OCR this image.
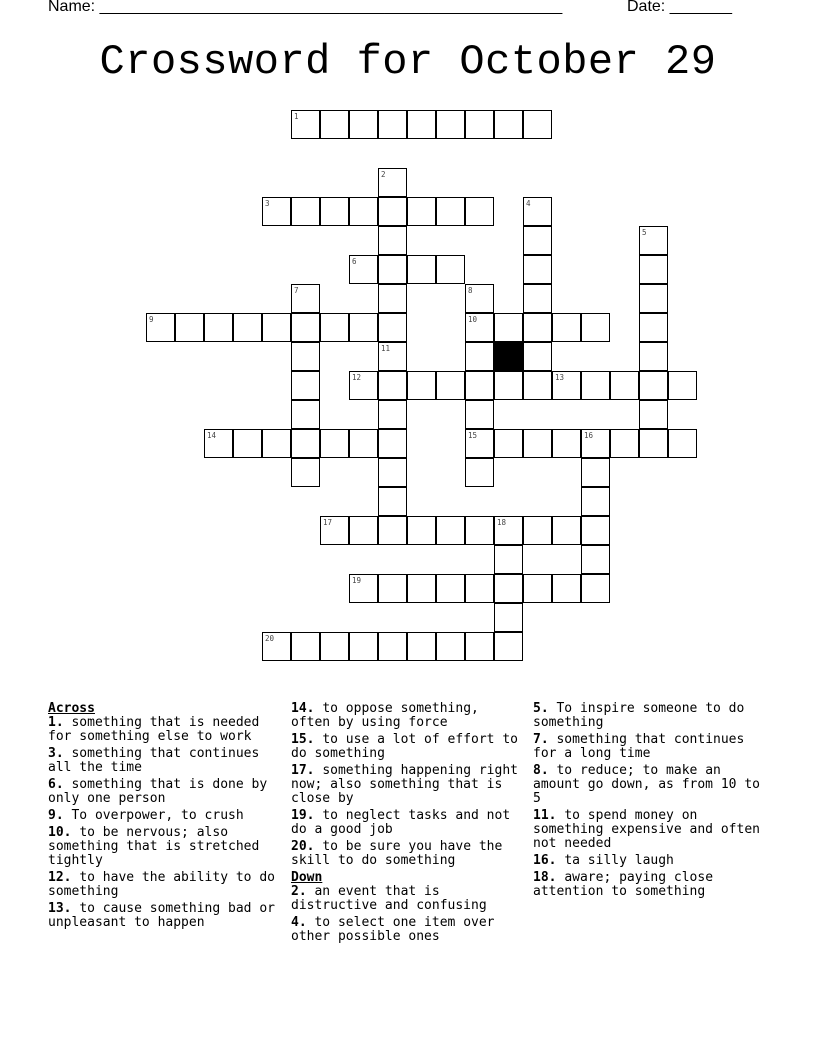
Name: ____________________________________________________	Date: _______
Crossword for October 29
1
2
3	4
5
6
7	8
9	10
11
12	13
14	15	16
17	18
19
20

Across

1. something that is needed for something else to work

3. something that continues all the time

6. something that is done by only one person

9. To overpower, to crush

10. to be nervous; also something that is stretched tightly

12. to have the ability to do something

13. to cause something bad or unpleasant to happen

14. to oppose something, often by using force

15. to use a lot of effort to do something

17. something happening right now; also something that is close by

19. to neglect tasks and not do a good job

20. to be sure you have the skill to do something

Down

2. an event that is distructive and confusing

4. to select one item over other possible ones

5. To inspire someone to do something

7. something that continues for a long time

8. to reduce; to make an amount go down, as from 10 to 5

11. to spend money on something expensive and often not needed

16. ta silly laugh

18. aware; paying close attention to something
